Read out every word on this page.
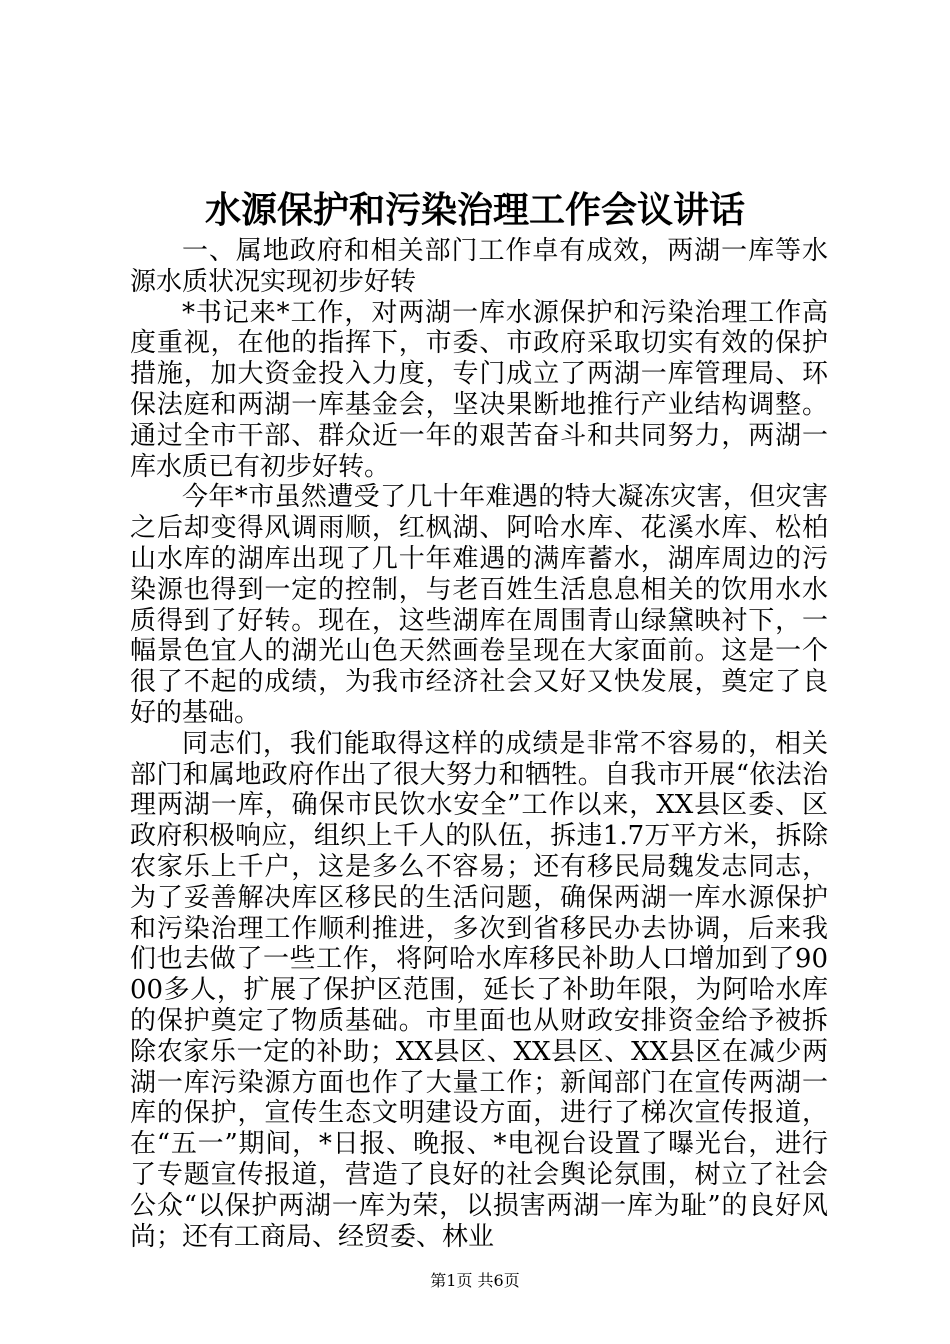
水源保护和污染治理工作会议讲话

一、属地政府和相关部门工作卓有成效，两湖一库等水源水质状况实现初步好转

*书记来*工作，对两湖一库水源保护和污染治理工作高度重视，在他的指挥下，市委、市政府采取切实有效的保护措施，加大资金投入力度，专门成立了两湖一库管理局、环保法庭和两湖一库基金会，坚决果断地推行产业结构调整。通过全市干部、群众近一年的艰苦奋斗和共同努力，两湖一库水质已有初步好转。

今年*市虽然遭受了几十年难遇的特大凝冻灾害，但灾害之后却变得风调雨顺，红枫湖、阿哈水库、花溪水库、松柏山水库的湖库出现了几十年难遇的满库蓄水，湖库周边的污染源也得到一定的控制，与老百姓生活息息相关的饮用水水质得到了好转。现在，这些湖库在周围青山绿黛映衬下，一幅景色宜人的湖光山色天然画卷呈现在大家面前。这是一个很了不起的成绩，为我市经济社会又好又快发展，奠定了良好的基础。

同志们，我们能取得这样的成绩是非常不容易的，相关部门和属地政府作出了很大努力和牺牲。自我市开展“依法治理两湖一库，确保市民饮水安全”工作以来，XX县区委、区政府积极响应，组织上千人的队伍，拆违1.7万平方米，拆除农家乐上千户，这是多么不容易；还有移民局魏发志同志，为了妥善解决库区移民的生活问题，确保两湖一库水源保护和污染治理工作顺利推进，多次到省移民办去协调，后来我们也去做了一些工作，将阿哈水库移民补助人口增加到了9000多人，扩展了保护区范围，延长了补助年限，为阿哈水库的保护奠定了物质基础。市里面也从财政安排资金给予被拆除农家乐一定的补助；XX县区、XX县区、XX县区在减少两湖一库污染源方面也作了大量工作；新闻部门在宣传两湖一库的保护，宣传生态文明建设方面，进行了梯次宣传报道，在“五一”期间，*日报、晚报、*电视台设置了曝光台，进行了专题宣传报道，营造了良好的社会舆论氛围，树立了社会公众“以保护两湖一库为荣，以损害两湖一库为耻”的良好风尚；还有工商局、经贸委、林业

第1页 共6页
